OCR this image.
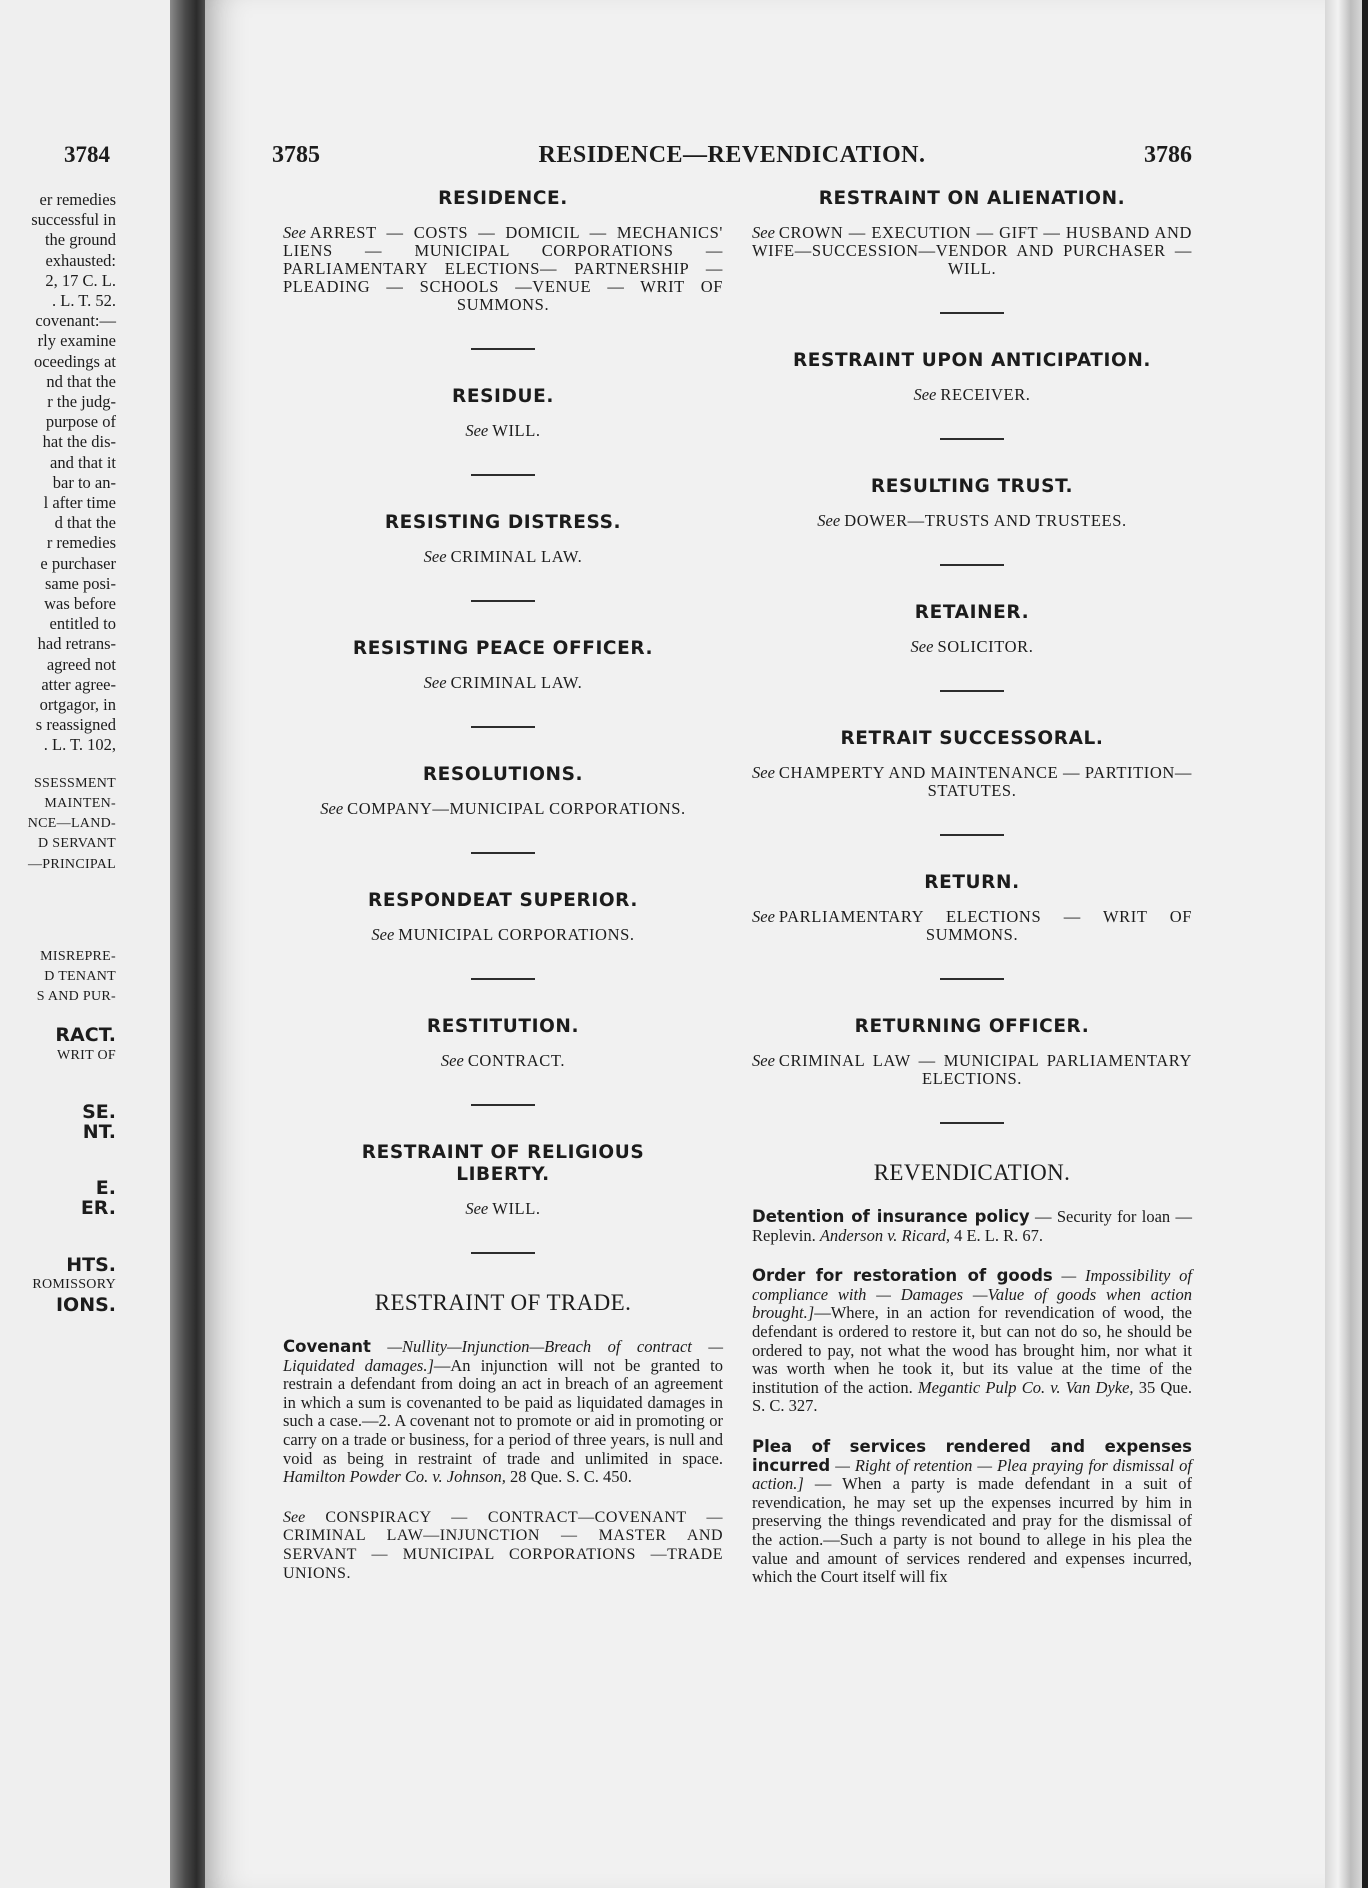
3784
er remedies
successful in
the ground
exhausted:
2, 17 C. L.
. L. T. 52.
covenant:—
rly examine
oceedings at
nd that the
r the judg-
purpose of
hat the dis-
and that it
bar to an-
l after time
d that the
r remedies
e purchaser
same posi-
was before
entitled to
had retrans-
agreed not
atter agree-
ortgagor, in
s reassigned
. L. T. 102,
SSESSMENT
MAINTEN-
NCE—LAND-
D SERVANT
—PRINCIPAL
MISREPRE-
D TENANT
S AND PUR-
RACT.
WRIT OF
SE.
NT.
E.
ER.
HTS.
ROMISSORY
IONS.
3785	RESIDENCE—REVENDICATION.	3786
RESIDENCE.
See ARREST — COSTS — DOMICIL — MECHANICS' LIENS — MUNICIPAL CORPORATIONS — PARLIAMENTARY ELECTIONS— PARTNERSHIP — PLEADING — SCHOOLS —VENUE — WRIT OF SUMMONS.
RESIDUE.
See WILL.
RESISTING DISTRESS.
See CRIMINAL LAW.
RESISTING PEACE OFFICER.
See CRIMINAL LAW.
RESOLUTIONS.
See COMPANY—MUNICIPAL CORPORATIONS.
RESPONDEAT SUPERIOR.
See MUNICIPAL CORPORATIONS.
RESTITUTION.
See CONTRACT.
RESTRAINT OF RELIGIOUS LIBERTY.
See WILL.
RESTRAINT OF TRADE.
Covenant —Nullity—Injunction—Breach of contract — Liquidated damages.]—An injunction will not be granted to restrain a defendant from doing an act in breach of an agreement in which a sum is covenanted to be paid as liquidated damages in such a case.—2. A covenant not to promote or aid in promoting or carry on a trade or business, for a period of three years, is null and void as being in restraint of trade and unlimited in space. Hamilton Powder Co. v. Johnson, 28 Que. S. C. 450.
See CONSPIRACY — CONTRACT—COVENANT —CRIMINAL LAW—INJUNCTION — MASTER AND SERVANT — MUNICIPAL CORPORATIONS —TRADE UNIONS.
RESTRAINT ON ALIENATION.
See CROWN — EXECUTION — GIFT — HUSBAND AND WIFE—SUCCESSION—VENDOR AND PURCHASER — WILL.
RESTRAINT UPON ANTICIPATION.
See RECEIVER.
RESULTING TRUST.
See DOWER—TRUSTS AND TRUSTEES.
RETAINER.
See SOLICITOR.
RETRAIT SUCCESSORAL.
See CHAMPERTY AND MAINTENANCE — PARTITION—STATUTES.
RETURN.
See PARLIAMENTARY ELECTIONS — WRIT OF SUMMONS.
RETURNING OFFICER.
See CRIMINAL LAW — MUNICIPAL PARLIAMENTARY ELECTIONS.
REVENDICATION.
Detention of insurance policy — Security for loan — Replevin. Anderson v. Ricard, 4 E. L. R. 67.
Order for restoration of goods — Impossibility of compliance with — Damages —Value of goods when action brought.]—Where, in an action for revendication of wood, the defendant is ordered to restore it, but can not do so, he should be ordered to pay, not what the wood has brought him, nor what it was worth when he took it, but its value at the time of the institution of the action. Megantic Pulp Co. v. Van Dyke, 35 Que. S. C. 327.
Plea of services rendered and expenses incurred — Right of retention — Plea praying for dismissal of action.] — When a party is made defendant in a suit of revendication, he may set up the expenses incurred by him in preserving the things revendicated and pray for the dismissal of the action.—Such a party is not bound to allege in his plea the value and amount of services rendered and expenses incurred, which the Court itself will fix
